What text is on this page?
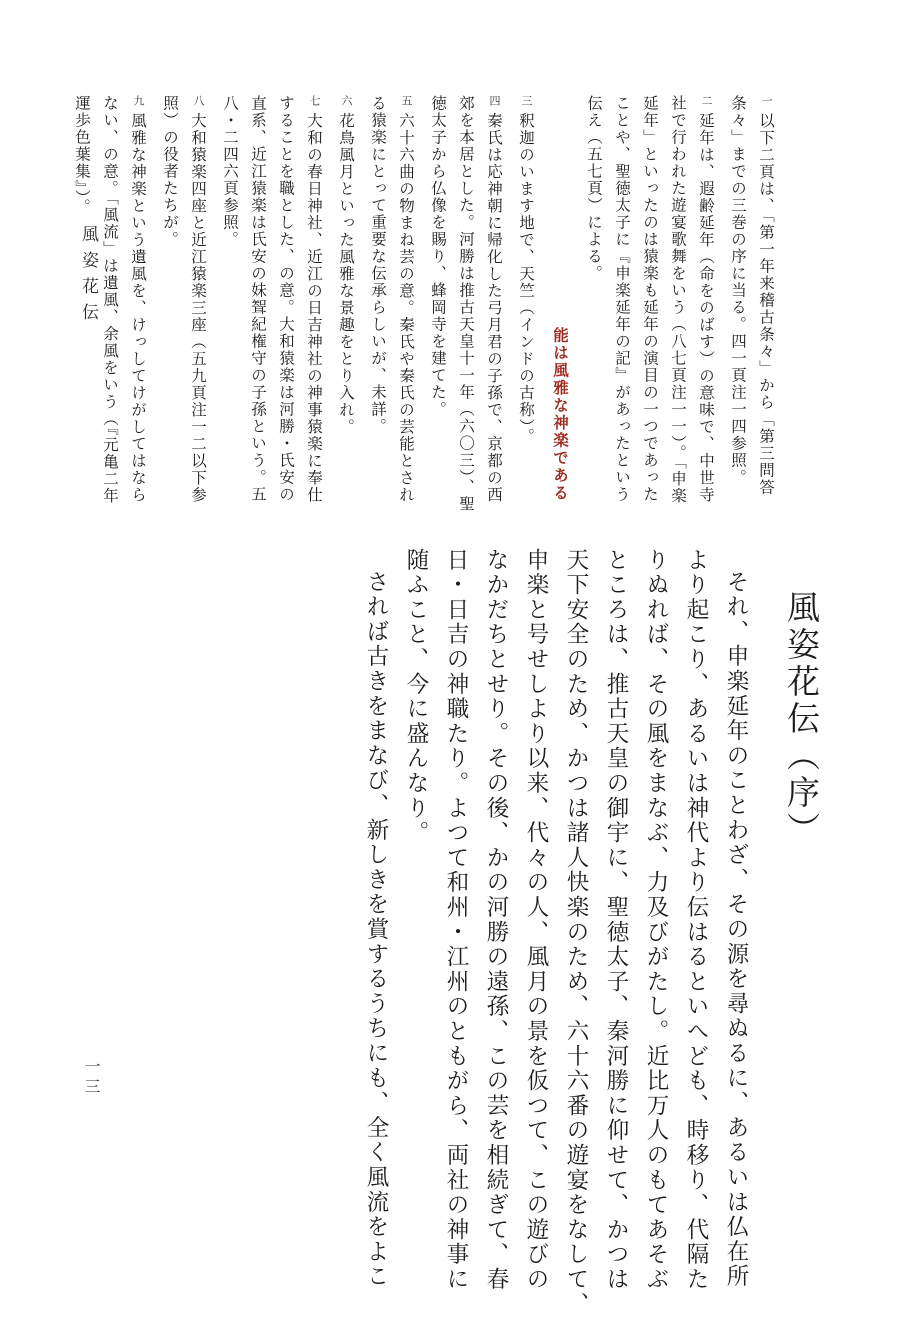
一 以下二頁は、「第一年来稽古条々」から「第三問答条々」までの三巻の序に当る。四一頁注一四参照。

二 延年は、遐齢延年（命をのばす）の意味で、中世寺社で行われた遊宴歌舞をいう（八七頁注一一）。「申楽延年」といったのは猿楽も延年の演目の一つであったことや、聖徳太子に『申楽延年の記』があったという伝え（五七頁）による。

能は風雅な神楽である

三 釈迦のいます地で、天竺（インドの古称）。

四 秦氏は応神朝に帰化した弓月君の子孫で、京都の西郊を本居とした。河勝は推古天皇十一年（六〇三）、聖徳太子から仏像を賜り、蜂岡寺を建てた。

五 六十六曲の物まね芸の意。秦氏や秦氏の芸能とされる猿楽にとって重要な伝承らしいが、未詳。

六 花鳥風月といった風雅な景趣をとり入れ。

七 大和の春日神社、近江の日吉神社の神事猿楽に奉仕することを職とした、の意。大和猿楽は河勝・氏安の直系、近江猿楽は氏安の妹聟紀権守の子孫という。五八・二四六頁参照。

八 大和猿楽四座と近江猿楽三座（五九頁注一二以下参照）の役者たちが。

九 風雅な神楽という遺風を、けっしてけがしてはならない、の意。「風流」は遺風、余風をいう（『元亀二年運歩色葉集』）。

風姿花伝
風姿花伝（序）

それ、申楽延年のことわざ、その源を尋ぬるに、あるいは仏在所

より起こり、あるいは神代より伝はるといへども、時移り、代隔た

りぬれば、その風をまなぶ、力及びがたし。近比万人のもてあそぶ

ところは、推古天皇の御宇に、聖徳太子、秦河勝に仰せて、かつは

天下安全のため、かつは諸人快楽のため、六十六番の遊宴をなして、

申楽と号せしより以来、代々の人、風月の景を仮つて、この遊びの

なかだちとせり。その後、かの河勝の遠孫、この芸を相続ぎて、春

日・日吉の神職たり。よつて和州・江州のともがら、両社の神事に

随ふこと、今に盛んなり。

されば古きをまなび、新しきを賞するうちにも、全く風流をよこ

一三
